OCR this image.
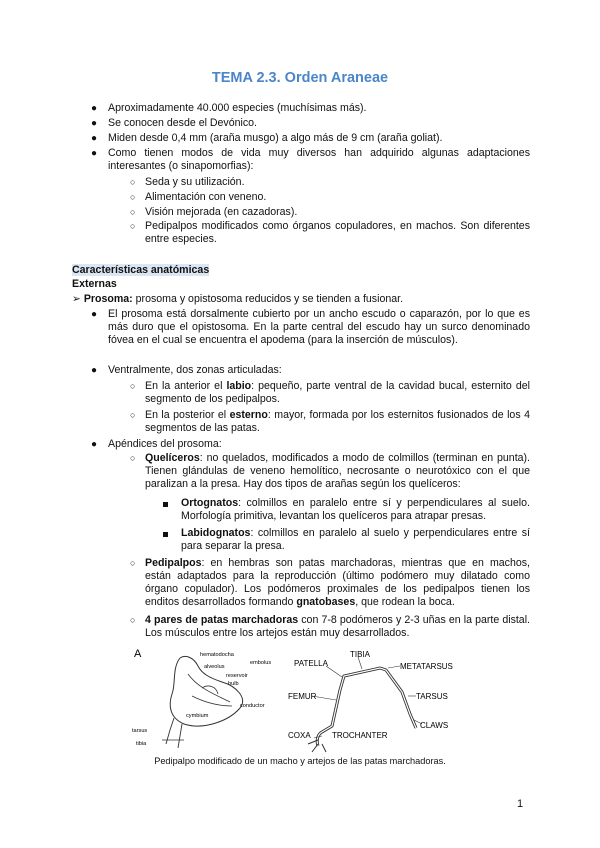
TEMA 2.3. Orden Araneae
● Aproximadamente 40.000 especies (muchísimas más).
● Se conocen desde el Devónico.
● Miden desde 0,4 mm (araña musgo) a algo más de 9 cm (araña goliat).
● Como tienen modos de vida muy diversos han adquirido algunas adaptaciones interesantes (o sinapomorfias):
○ Seda y su utilización.
○ Alimentación con veneno.
○ Visión mejorada (en cazadoras).
○ Pedipalpos modificados como órganos copuladores, en machos. Son diferentes entre especies.
Características anatómicas
Externas
➢ Prosoma: prosoma y opistosoma reducidos y se tienden a fusionar.
● El prosoma está dorsalmente cubierto por un ancho escudo o caparazón, por lo que es más duro que el opistosoma. En la parte central del escudo hay un surco denominado fóvea en el cual se encuentra el apodema (para la inserción de músculos).
● Ventralmente, dos zonas articuladas:
○ En la anterior el labio: pequeño, parte ventral de la cavidad bucal, esternito del segmento de los pedipalpos.
○ En la posterior el esterno: mayor, formada por los esternitos fusionados de los 4 segmentos de las patas.
● Apéndices del prosoma:
○ Quelíceros: no quelados, modificados a modo de colmillos (terminan en punta). Tienen glándulas de veneno hemolítico, necrosante o neurotóxico con el que paralizan a la presa. Hay dos tipos de arañas según los quelíceros:
Ortognatos: colmillos en paralelo entre sí y perpendiculares al suelo. Morfología primitiva, levantan los quelíceros para atrapar presas.
Labidognatos: colmillos en paralelo al suelo y perpendiculares entre sí para separar la presa.
○ Pedipalpos: en hembras son patas marchadoras, mientras que en machos, están adaptados para la reproducción (último podómero muy dilatado como órgano copulador). Los podómeros proximales de los pedipalpos tienen los enditos desarrollados formando gnatobases, que rodean la boca.
○ 4 pares de patas marchadoras con 7-8 podómeros y 2-3 uñas en la parte distal. Los músculos entre los artejos están muy desarrollados.
A	hematodocha
alveolus
embolus
reservoir
bulb
conductor
cymbium
tarsus
tibia
TIBIA
PATELLA	METATARSUS
TARSUS
CLAWS
FEMUR
COXA	TROCHANTER
Pedipalpo modificado de un macho y artejos de las patas marchadoras.
1
